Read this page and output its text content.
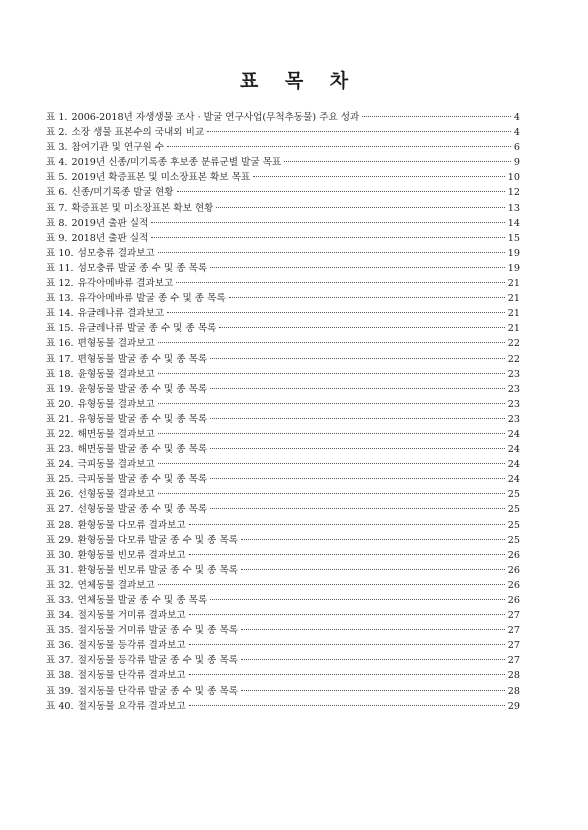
표 목 차
표 1. 2006-2018년 자생생물 조사 · 발굴 연구사업(무척추동물) 주요 성과	4
표 2. 소장 생물 표본수의 국내외 비교	4
표 3. 참여기관 및 연구원 수	6
표 4. 2019년 신종/미기록종 후보종 분류군별 발굴 목표	9
표 5. 2019년 확증표본 및 미소장표본 확보 목표	10
표 6. 신종/미기록종 발굴 현황	12
표 7. 확증표본 및 미소장표본 확보 현황	13
표 8. 2019년 출판 실적	14
표 9. 2018년 출판 실적	15
표 10. 섬모충류 결과보고	19
표 11. 섬모충류 발굴 종 수 및 종 목록	19
표 12. 유각아메바류 결과보고	21
표 13. 유각아메바류 발굴 종 수 및 종 목록	21
표 14. 유글레나류 결과보고	21
표 15. 유글레나류 발굴 종 수 및 종 목록	21
표 16. 편형동물 결과보고	22
표 17. 편형동물 발굴 종 수 및 종 목록	22
표 18. 윤형동물 결과보고	23
표 19. 윤형동물 발굴 종 수 및 종 목록	23
표 20. 유형동물 결과보고	23
표 21. 유형동물 발굴 종 수 및 종 목록	23
표 22. 해면동물 결과보고	24
표 23. 해면동물 발굴 종 수 및 종 목록	24
표 24. 극피동물 결과보고	24
표 25. 극피동물 발굴 종 수 및 종 목록	24
표 26. 선형동물 결과보고	25
표 27. 선형동물 발굴 종 수 및 종 목록	25
표 28. 환형동물 다모류 결과보고	25
표 29. 환형동물 다모류 발굴 종 수 및 종 목록	25
표 30. 환형동물 빈모류 결과보고	26
표 31. 환형동물 빈모류 발굴 종 수 및 종 목록	26
표 32. 연체동물 결과보고	26
표 33. 연체동물 발굴 종 수 및 종 목록	26
표 34. 절지동물 거미류 결과보고	27
표 35. 절지동물 거미류 발굴 종 수 및 종 목록	27
표 36. 절지동물 등각류 결과보고	27
표 37. 절지동물 등각류 발굴 종 수 및 종 목록	27
표 38. 절지동물 단각류 결과보고	28
표 39. 절지동물 단각류 발굴 종 수 및 종 목록	28
표 40. 절지동물 요각류 결과보고	29
